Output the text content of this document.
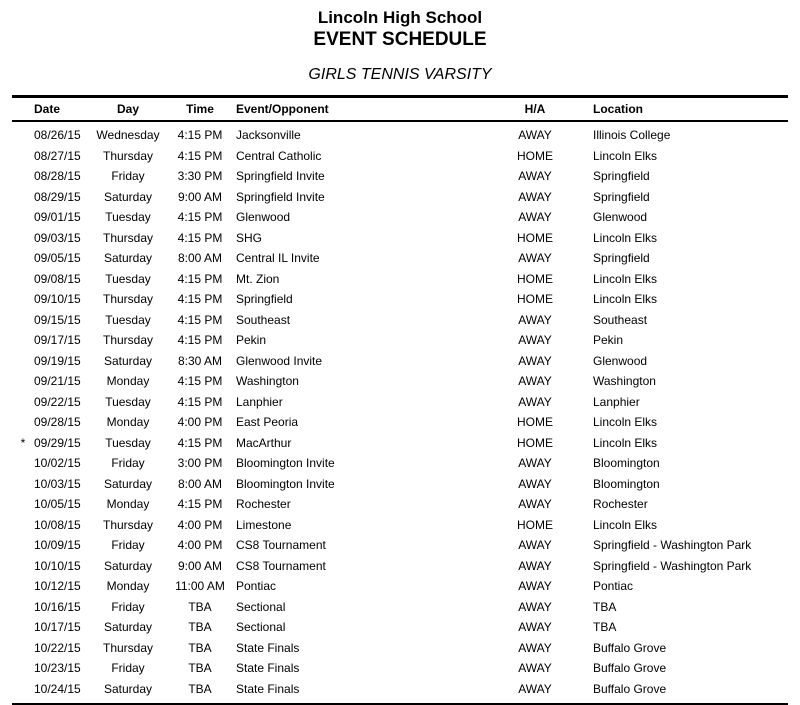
Lincoln High School
EVENT SCHEDULE
GIRLS TENNIS VARSITY
	Date	Day	Time	Event/Opponent	H/A	Location
	08/26/15	Wednesday	4:15 PM	Jacksonville	AWAY	Illinois College
	08/27/15	Thursday	4:15 PM	Central Catholic	HOME	Lincoln Elks
	08/28/15	Friday	3:30 PM	Springfield Invite	AWAY	Springfield
	08/29/15	Saturday	9:00 AM	Springfield Invite	AWAY	Springfield
	09/01/15	Tuesday	4:15 PM	Glenwood	AWAY	Glenwood
	09/03/15	Thursday	4:15 PM	SHG	HOME	Lincoln Elks
	09/05/15	Saturday	8:00 AM	Central IL Invite	AWAY	Springfield
	09/08/15	Tuesday	4:15 PM	Mt. Zion	HOME	Lincoln Elks
	09/10/15	Thursday	4:15 PM	Springfield	HOME	Lincoln Elks
	09/15/15	Tuesday	4:15 PM	Southeast	AWAY	Southeast
	09/17/15	Thursday	4:15 PM	Pekin	AWAY	Pekin
	09/19/15	Saturday	8:30 AM	Glenwood Invite	AWAY	Glenwood
	09/21/15	Monday	4:15 PM	Washington	AWAY	Washington
	09/22/15	Tuesday	4:15 PM	Lanphier	AWAY	Lanphier
	09/28/15	Monday	4:00 PM	East Peoria	HOME	Lincoln Elks
*	09/29/15	Tuesday	4:15 PM	MacArthur	HOME	Lincoln Elks
	10/02/15	Friday	3:00 PM	Bloomington Invite	AWAY	Bloomington
	10/03/15	Saturday	8:00 AM	Bloomington Invite	AWAY	Bloomington
	10/05/15	Monday	4:15 PM	Rochester	AWAY	Rochester
	10/08/15	Thursday	4:00 PM	Limestone	HOME	Lincoln Elks
	10/09/15	Friday	4:00 PM	CS8 Tournament	AWAY	Springfield - Washington Park
	10/10/15	Saturday	9:00 AM	CS8 Tournament	AWAY	Springfield - Washington Park
	10/12/15	Monday	11:00 AM	Pontiac	AWAY	Pontiac
	10/16/15	Friday	TBA	Sectional	AWAY	TBA
	10/17/15	Saturday	TBA	Sectional	AWAY	TBA
	10/22/15	Thursday	TBA	State Finals	AWAY	Buffalo Grove
	10/23/15	Friday	TBA	State Finals	AWAY	Buffalo Grove
	10/24/15	Saturday	TBA	State Finals	AWAY	Buffalo Grove
